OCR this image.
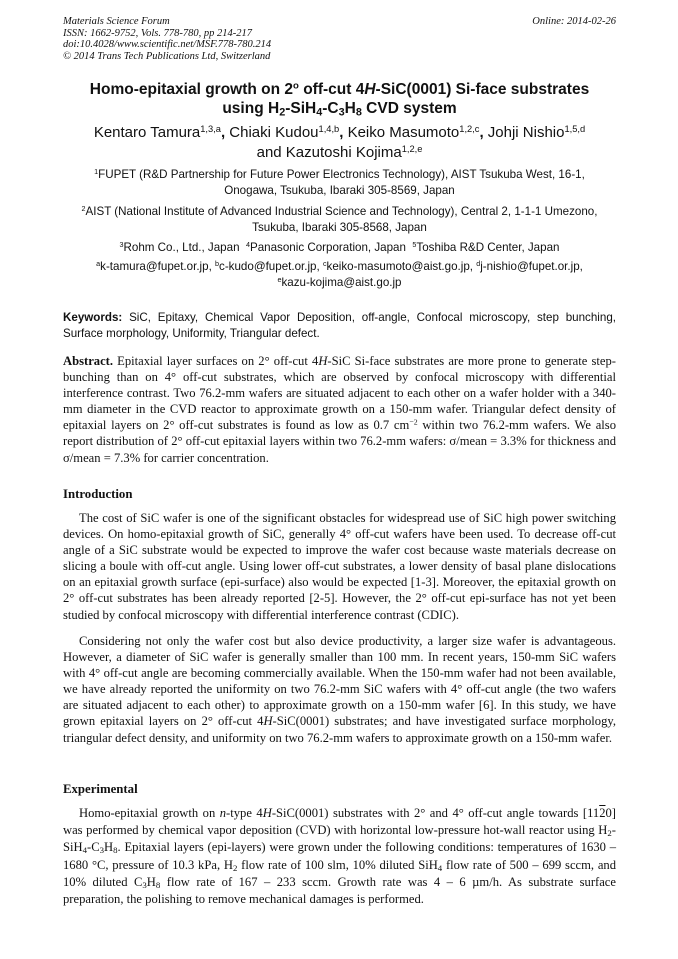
Materials Science Forum
ISSN: 1662-9752, Vols. 778-780, pp 214-217
doi:10.4028/www.scientific.net/MSF.778-780.214
© 2014 Trans Tech Publications Ltd, Switzerland
Online: 2014-02-26
Homo-epitaxial growth on 2$^o$ off-cut 4H-SiC(0001) Si-face substrates
using $H_2-SiH_4-C_3H_8$ CVD system
Kentaro Tamura$^{1,3,a}$, Chiaki Kudou$^{1,4,b}$, Keiko Masumoto$^{1,2,c}$, Johji Nishio$^{1,5,d}$
and Kazutoshi Kojima$^{1,2,e}$
$^1$FUPET (R&D Partnership for Future Power Electronics Technology), AIST Tsukuba West, 16-1,
Onogawa, Tsukuba, Ibaraki 305-8569, Japan
$^2$AIST (National Institute of Advanced Industrial Science and Technology), Central 2, 1-1-1 Umezono,
Tsukuba, Ibaraki 305-8568, Japan
$^3$Rohm Co., Ltd., Japan $^4$Panasonic Corporation, Japan $^5$Toshiba R&D Center, Japan
$^a$k-tamura@fupet.or.jp, $^b$c-kudo@fupet.or.jp, $^c$keiko-masumoto@aist.go.jp, $^d$j-nishio@fupet.or.jp,
$^e$kazu-kojima@aist.go.jp
Keywords: SiC, Epitaxy, Chemical Vapor Deposition, off-angle, Confocal microscopy, step bunching, Surface morphology, Uniformity, Triangular defect.
Abstract. Epitaxial layer surfaces on 2° off-cut 4H-SiC Si-face substrates are more prone to generate step-bunching than on 4° off-cut substrates, which are observed by confocal microscopy with differential interference contrast. Two 76.2-mm wafers are situated adjacent to each other on a wafer holder with a 340-mm diameter in the CVD reactor to approximate growth on a 150-mm wafer. Triangular defect density of epitaxial layers on 2° off-cut substrates is found as low as 0.7 $cm^{-2}$ within two 76.2-mm wafers. We also report distribution of 2° off-cut epitaxial layers within two 76.2-mm wafers: σ/mean = 3.3% for thickness and σ/mean = 7.3% for carrier concentration.
Introduction
The cost of SiC wafer is one of the significant obstacles for widespread use of SiC high power switching devices. On homo-epitaxial growth of SiC, generally 4° off-cut wafers have been used. To decrease off-cut angle of a SiC substrate would be expected to improve the wafer cost because waste materials decrease on slicing a boule with off-cut angle. Using lower off-cut substrates, a lower density of basal plane dislocations on an epitaxial growth surface (epi-surface) also would be expected [1-3]. Moreover, the epitaxial growth on 2° off-cut substrates has been already reported [2-5]. However, the 2° off-cut epi-surface has not yet been studied by confocal microscopy with differential interference contrast (CDIC).
Considering not only the wafer cost but also device productivity, a larger size wafer is advantageous. However, a diameter of SiC wafer is generally smaller than 100 mm. In recent years, 150-mm SiC wafers with 4° off-cut angle are becoming commercially available. When the 150-mm wafer had not been available, we have already reported the uniformity on two 76.2-mm SiC wafers with 4° off-cut angle (the two wafers are situated adjacent to each other) to approximate growth on a 150-mm wafer [6]. In this study, we have grown epitaxial layers on 2° off-cut 4H-SiC(0001) substrates; and have investigated surface morphology, triangular defect density, and uniformity on two 76.2-mm wafers to approximate growth on a 150-mm wafer.
Experimental
Homo-epitaxial growth on n-type 4H-SiC(0001) substrates with 2° and 4° off-cut angle towards [1120] was performed by chemical vapor deposition (CVD) with horizontal low-pressure hot-wall reactor using $H_2-SiH_4-C_3H_8$. Epitaxial layers (epi-layers) were grown under the following conditions: temperatures of 1630 – 1680 °C, pressure of 10.3 kPa, $H_2$ flow rate of 100 slm, 10% diluted SiH$_4$ flow rate of 500 – 699 sccm, and 10% diluted $C_3H_8$ flow rate of 167 – 233 sccm. Growth rate was 4 – 6 µm/h. As substrate surface preparation, the polishing to remove mechanical damages is performed.
